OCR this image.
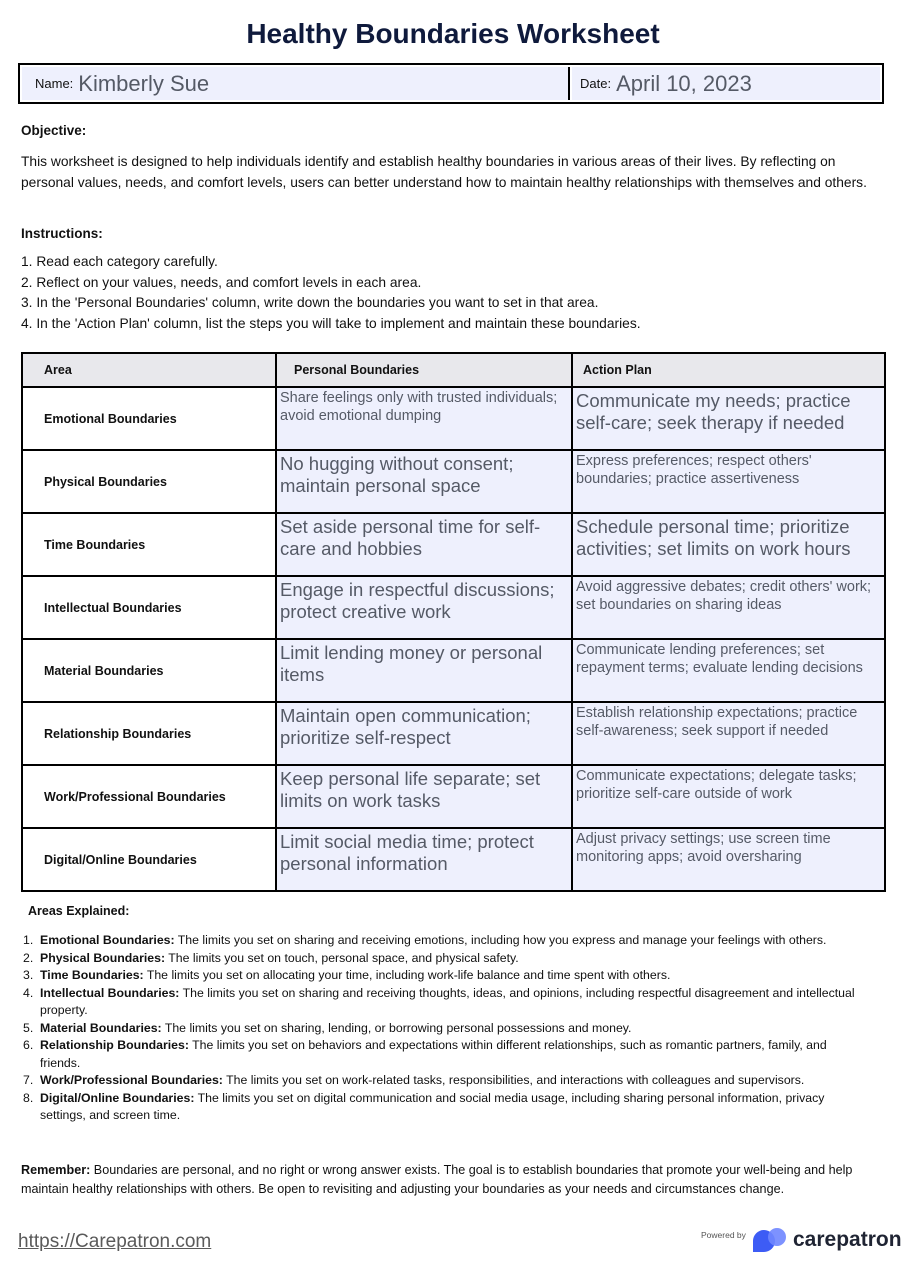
Healthy Boundaries Worksheet
Name: Kimberly Sue	Date: April 10, 2023
Objective:
This worksheet is designed to help individuals identify and establish healthy boundaries in various areas of their lives. By reflecting on personal values, needs, and comfort levels, users can better understand how to maintain healthy relationships with themselves and others.
Instructions:
1. Read each category carefully.
2. Reflect on your values, needs, and comfort levels in each area.
3. In the 'Personal Boundaries' column, write down the boundaries you want to set in that area.
4. In the 'Action Plan' column, list the steps you will take to implement and maintain these boundaries.
Area	Personal Boundaries	Action Plan
Emotional Boundaries	Share feelings only with trusted individuals; avoid emotional dumping	Communicate my needs; practice self-care; seek therapy if needed
Physical Boundaries	No hugging without consent; maintain personal space	Express preferences; respect others' boundaries; practice assertiveness
Time Boundaries	Set aside personal time for self-care and hobbies	Schedule personal time; prioritize activities; set limits on work hours
Intellectual Boundaries	Engage in respectful discussions; protect creative work	Avoid aggressive debates; credit others' work; set boundaries on sharing ideas
Material Boundaries	Limit lending money or personal items	Communicate lending preferences; set repayment terms; evaluate lending decisions
Relationship Boundaries	Maintain open communication; prioritize self-respect	Establish relationship expectations; practice self-awareness; seek support if needed
Work/Professional Boundaries	Keep personal life separate; set limits on work tasks	Communicate expectations; delegate tasks; prioritize self-care outside of work
Digital/Online Boundaries	Limit social media time; protect personal information	Adjust privacy settings; use screen time monitoring apps; avoid oversharing
Areas Explained:
1. Emotional Boundaries: The limits you set on sharing and receiving emotions, including how you express and manage your feelings with others.
2. Physical Boundaries: The limits you set on touch, personal space, and physical safety.
3. Time Boundaries: The limits you set on allocating your time, including work-life balance and time spent with others.
4. Intellectual Boundaries: The limits you set on sharing and receiving thoughts, ideas, and opinions, including respectful disagreement and intellectual property.
5. Material Boundaries: The limits you set on sharing, lending, or borrowing personal possessions and money.
6. Relationship Boundaries: The limits you set on behaviors and expectations within different relationships, such as romantic partners, family, and friends.
7. Work/Professional Boundaries: The limits you set on work-related tasks, responsibilities, and interactions with colleagues and supervisors.
8. Digital/Online Boundaries: The limits you set on digital communication and social media usage, including sharing personal information, privacy settings, and screen time.
Remember: Boundaries are personal, and no right or wrong answer exists. The goal is to establish boundaries that promote your well-being and help maintain healthy relationships with others. Be open to revisiting and adjusting your boundaries as your needs and circumstances change.
https://Carepatron.com	Powered by carepatron
